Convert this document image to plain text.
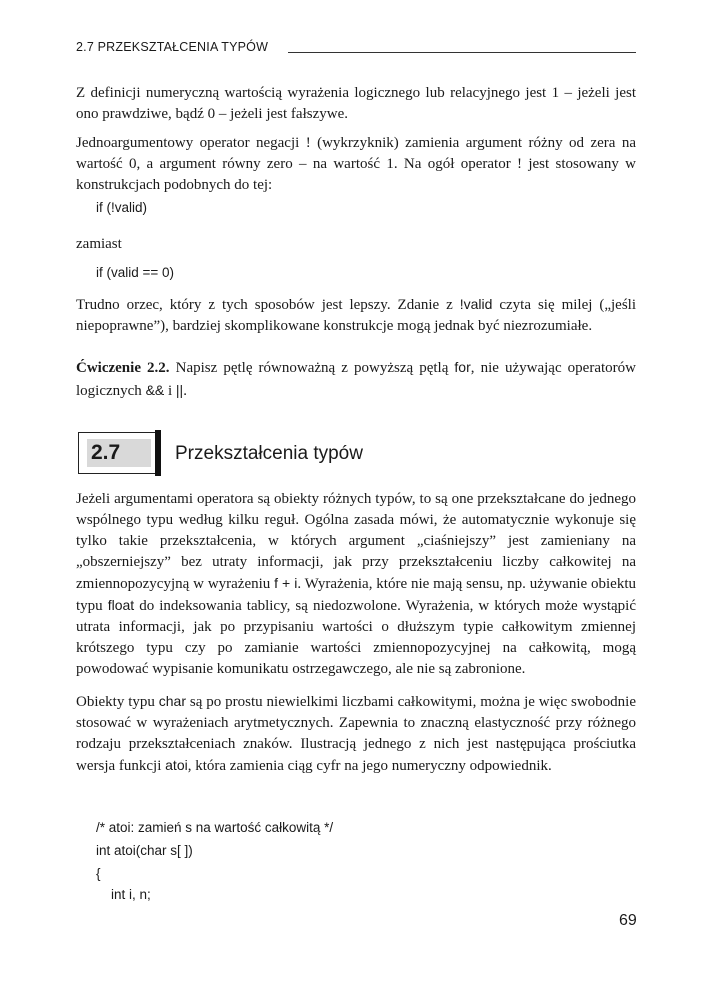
2.7 PRZEKSZTAŁCENIA TYPÓW

Z definicji numeryczną wartością wyrażenia logicznego lub relacyjnego jest 1 – jeżeli jest ono prawdziwe, bądź 0 – jeżeli jest fałszywe.

Jednoargumentowy operator negacji ! (wykrzyknik) zamienia argument różny od zera na wartość 0, a argument równy zero – na wartość 1. Na ogół operator ! jest stosowany w konstrukcjach podobnych do tej:

if (!valid)

zamiast

if (valid == 0)

Trudno orzec, który z tych sposobów jest lepszy. Zdanie z !valid czyta się milej („jeśli niepoprawne”), bardziej skomplikowane konstrukcje mogą jednak być niezrozumiałe.

Ćwiczenie 2.2. Napisz pętlę równoważną z powyższą pętlą for, nie używając operatorów logicznych && i ||.
2.7	Przekształcenia typów

Jeżeli argumentami operatora są obiekty różnych typów, to są one przekształcane do jednego wspólnego typu według kilku reguł. Ogólna zasada mówi, że automatycznie wykonuje się tylko takie przekształcenia, w których argument „ciaśniejszy” jest zamieniany na „obszerniejszy” bez utraty informacji, jak przy przekształceniu liczby całkowitej na zmiennopozycyjną w wyrażeniu f + i. Wyrażenia, które nie mają sensu, np. używanie obiektu typu float do indeksowania tablicy, są niedozwolone. Wyrażenia, w których może wystąpić utrata informacji, jak po przypisaniu wartości o dłuższym typie całkowitym zmiennej krótszego typu czy po zamianie wartości zmiennopozycyjnej na całkowitą, mogą powodować wypisanie komunikatu ostrzegawczego, ale nie są zabronione.

Obiekty typu char są po prostu niewielkimi liczbami całkowitymi, można je więc swobodnie stosować w wyrażeniach arytmetycznych. Zapewnia to znaczną elastyczność przy różnego rodzaju przekształceniach znaków. Ilustracją jednego z nich jest następująca prościutka wersja funkcji atoi, która zamienia ciąg cyfr na jego numeryczny odpowiednik.

/* atoi: zamień s na wartość całkowitą */
int atoi(char s[ ])
{
int i, n;
69
